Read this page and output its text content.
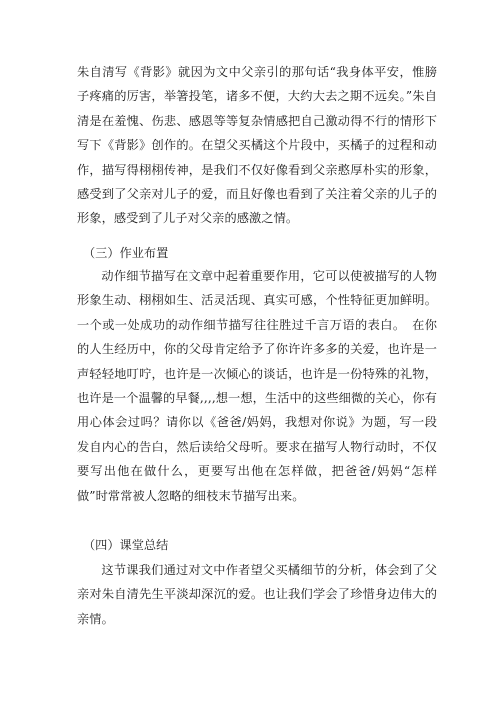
朱自清写《背影》就因为文中父亲引的那句话“我身体平安，惟膀子疼痛的厉害，举箸投笔，诸多不便，大约大去之期不远矣。”朱自清是在羞愧、伤悲、感恩等等复杂情感把自己激动得不行的情形下写下《背影》创作的。在望父买橘这个片段中，买橘子的过程和动作，描写得栩栩传神，是我们不仅好像看到父亲憨厚朴实的形象，感受到了父亲对儿子的爱，而且好像也看到了关注着父亲的儿子的形象，感受到了儿子对父亲的感激之情。

（三）作业布置

动作细节描写在文章中起着重要作用，它可以使被描写的人物形象生动、栩栩如生、活灵活现、真实可感，个性特征更加鲜明。一个或一处成功的动作细节描写往往胜过千言万语的表白。　在你的人生经历中，你的父母肯定给予了你许许多多的关爱，也许是一声轻轻地叮咛，也许是一次倾心的谈话，也许是一份特殊的礼物，也许是一个温馨的早餐,,,,想一想，生活中的这些细微的关心，你有用心体会过吗？请你以《爸爸/妈妈，我想对你说》为题，写一段发自内心的告白，然后读给父母听。要求在描写人物行动时，不仅要写出他在做什么，更要写出他在怎样做，把爸爸/妈妈“怎样做”时常常被人忽略的细枝末节描写出来。

（四）课堂总结

这节课我们通过对文中作者望父买橘细节的分析，体会到了父亲对朱自清先生平淡却深沉的爱。也让我们学会了珍惜身边伟大的亲情。
